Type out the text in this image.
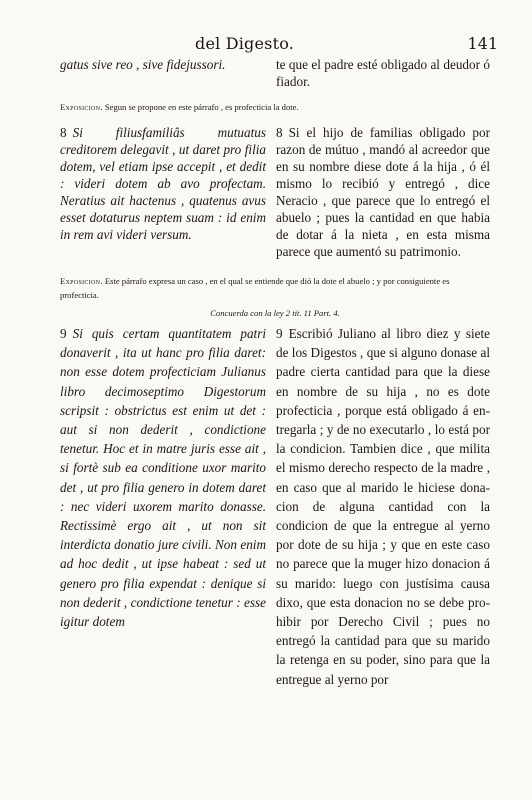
del Digesto.	141
gatus sive reo , sive fidejussori.	te que el padre esté obligado al deudor ó fiador.
Exposicion. Segun se propone en este párrafo , es profecticia la dote.
8 Si filiusfamiliâs mutuatus creditorem delegavit , ut daret pro filia dotem, vel etiam ipse accepit , et dedit : videri dotem ab avo profectam. Neratius ait hactenus , quatenus avus esset dotaturus neptem suam : id enim in rem avi videri versum.
8 Si el hijo de familias obligado por razon de mútuo , mandó al acreedor que en su nombre diese dote á la hija , ó él mismo lo recibió y entregó , dice Neracio , que parece que lo entregó el abuelo ; pues la cantidad en que habia de dotar á la nieta , en esta misma parece que aumentó su patrimonio.
Exposicion. Este párrafo expresa un caso , en el qual se entiende que dió la dote el abuelo ; y por consiguiente es profecticia.
Concuerda con la ley 2 tit. 11 Part. 4.
9 Si quis certam quantitatem patri donaverit , ita ut hanc pro filia daret: non esse dotem profecticiam Julianus libro decimoseptimo Digestorum scripsit : obstrictus est enim ut det : aut si non dederit , condictione tenetur. Hoc et in matre juris esse ait , si fortè sub ea conditione uxor marito det , ut pro filia genero in dotem daret : nec videri uxorem marito donasse. Rectissimè ergo ait , ut non sit interdicta donatio jure civili. Non enim ad hoc dedit , ut ipse habeat : sed ut genero pro filia expendat : denique si non dederit , condictione tenetur : esse igitur dotem
9 Escribió Juliano al libro diez y siete de los Digestos , que si alguno donase al padre cierta cantidad para que la diese en nombre de su hija , no es dote profecticia , porque está obligado á entregarla ; y de no executarlo , lo está por la condicion. Tambien dice , que milita el mismo derecho respecto de la madre , en caso que al marido le hiciese donacion de alguna cantidad con la condicion de que la entregue al yerno por dote de su hija ; y que en este caso no parece que la muger hizo donacion á su marido: luego con justísima causa dixo, que esta donacion no se debe prohibir por Derecho Civil ; pues no entregó la cantidad para que su marido la retenga en su poder, sino para que la entregue al yerno por
